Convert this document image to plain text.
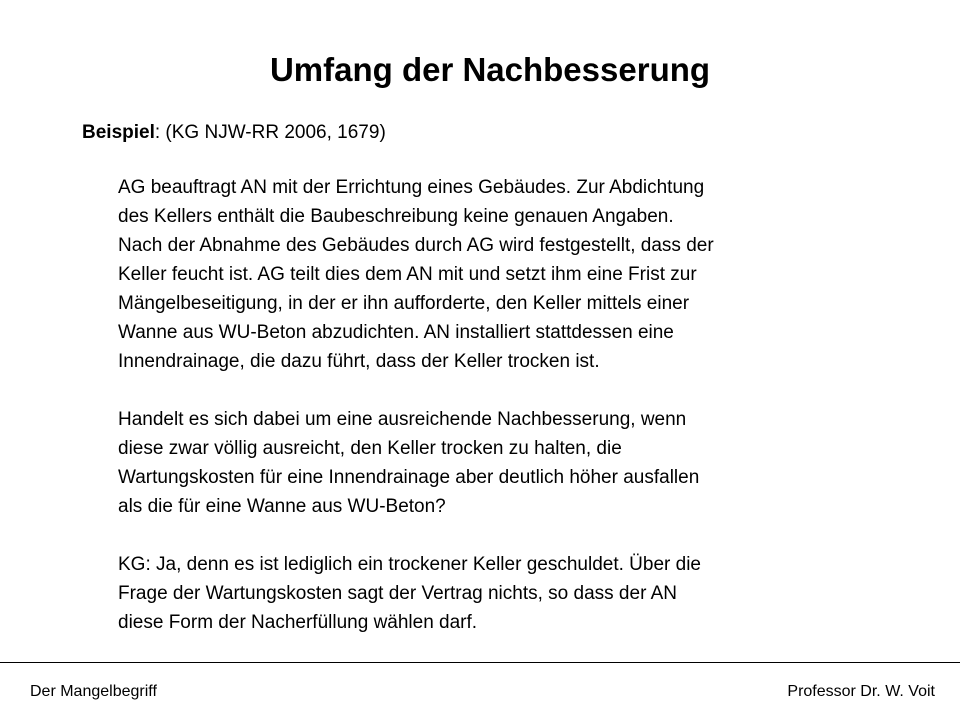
Umfang der Nachbesserung
Beispiel: (KG NJW-RR 2006, 1679)

AG beauftragt AN mit der Errichtung eines Gebäudes. Zur Abdichtung
des Kellers enthält die Baubeschreibung keine genauen Angaben.
Nach der Abnahme des Gebäudes durch AG wird festgestellt, dass der
Keller feucht ist. AG teilt dies dem AN mit und setzt ihm eine Frist zur
Mängelbeseitigung, in der er ihn aufforderte, den Keller mittels einer
Wanne aus WU-Beton abzudichten. AN installiert stattdessen eine
Innendrainage, die dazu führt, dass der Keller trocken ist.

Handelt es sich dabei um eine ausreichende Nachbesserung, wenn
diese zwar völlig ausreicht, den Keller trocken zu halten, die
Wartungskosten für eine Innendrainage aber deutlich höher ausfallen
als die für eine Wanne aus WU-Beton?

KG: Ja, denn es ist lediglich ein trockener Keller geschuldet. Über die
Frage der Wartungskosten sagt der Vertrag nichts, so dass der AN
diese Form der Nacherfüllung wählen darf.

Der Mangelbegriff	Professor Dr. W. Voit
